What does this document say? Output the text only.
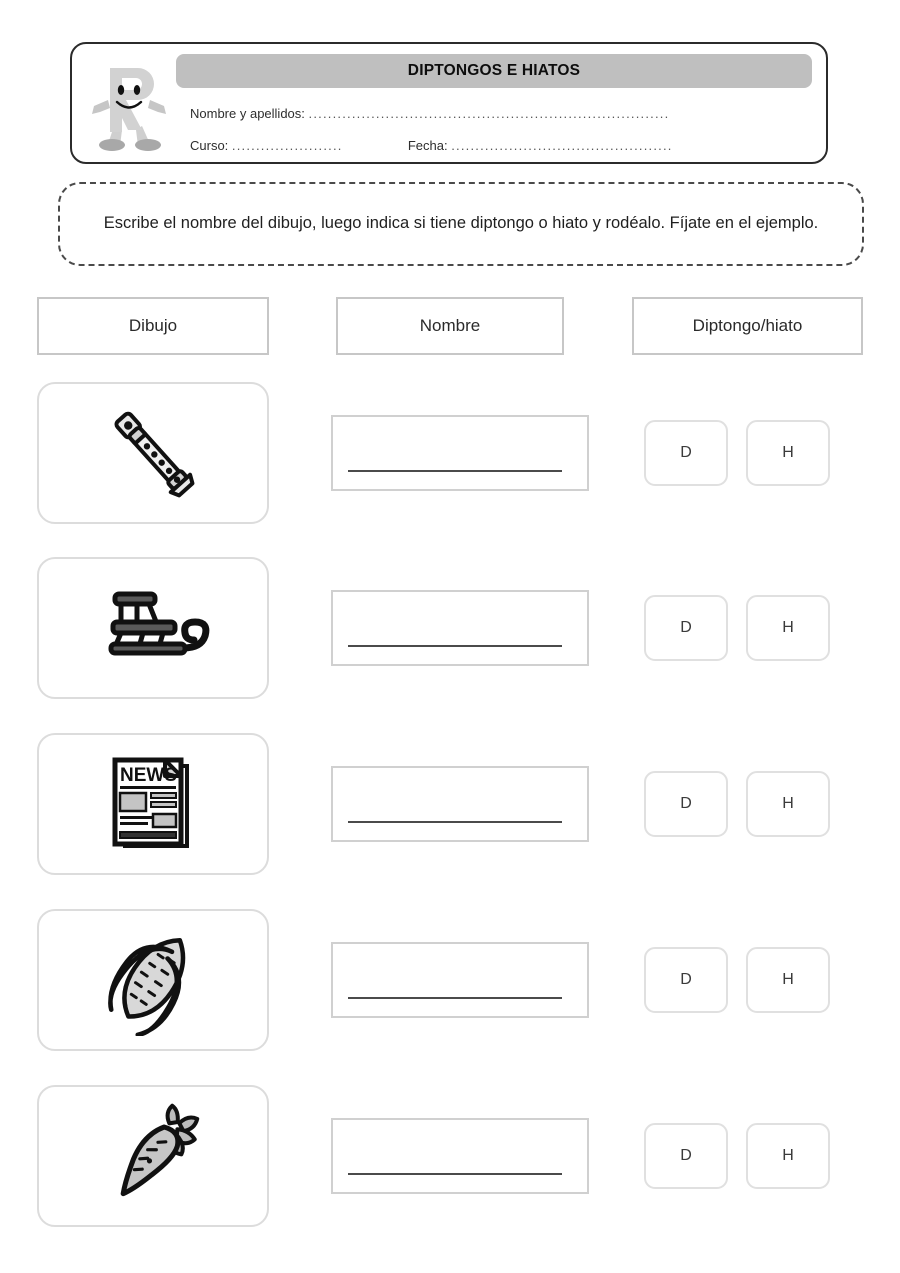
DIPTONGOS E HIATOS
Nombre y apellidos: ...........................................................................
Curso: .......................	Fecha: ..............................................
Escribe el nombre del dibujo, luego indica si tiene diptongo o hiato y rodéalo. Fíjate en el ejemplo.
Dibujo	Nombre	Diptongo/hiato
D	H
D	H
NEWS
D	H
D	H
D	H
